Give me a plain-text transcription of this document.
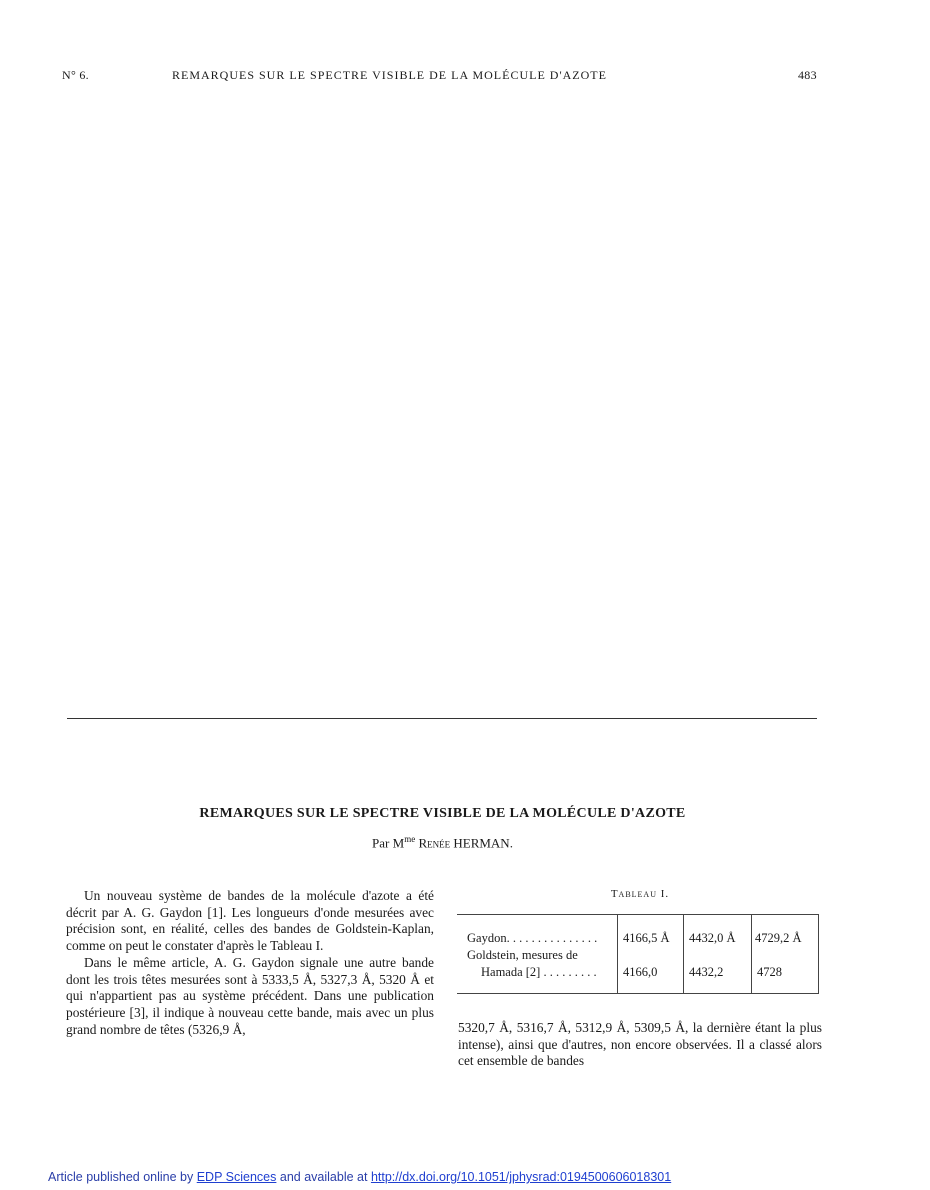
N° 6.	REMARQUES SUR LE SPECTRE VISIBLE DE LA MOLÉCULE D'AZOTE	483
REMARQUES SUR LE SPECTRE VISIBLE DE LA MOLÉCULE D'AZOTE
Par $M^{me}$ Renée HERMAN.

Un nouveau système de bandes de la molécule d'azote a été décrit par A. G. Gaydon [1]. Les longueurs d'onde mesurées avec précision sont, en réalité, celles des bandes de Goldstein-Kaplan, comme on peut le constater d'après le Tableau I.

Dans le même article, A. G. Gaydon signale une autre bande dont les trois têtes mesurées sont à 5333,5 Å, 5327,3 Å, 5320 Å et qui n'appartient pas au système précédent. Dans une publication postérieure [3], il indique à nouveau cette bande, mais avec un plus grand nombre de têtes (5326,9 Å,

Tableau I.
Gaydon. . . . . . . . . . . . . . . 4166,5 Å 4432,0 Å 4729,2 Å
Goldstein, mesures de
Hamada [2] . . . . . . . . . 4166,0	4432,2	4728

5320,7 Å, 5316,7 Å, 5312,9 Å, 5309,5 Å, la dernière étant la plus intense), ainsi que d'autres, non encore observées. Il a classé alors cet ensemble de bandes

Article published online by EDP Sciences and available at http://dx.doi.org/10.1051/jphysrad:0194500606018301
